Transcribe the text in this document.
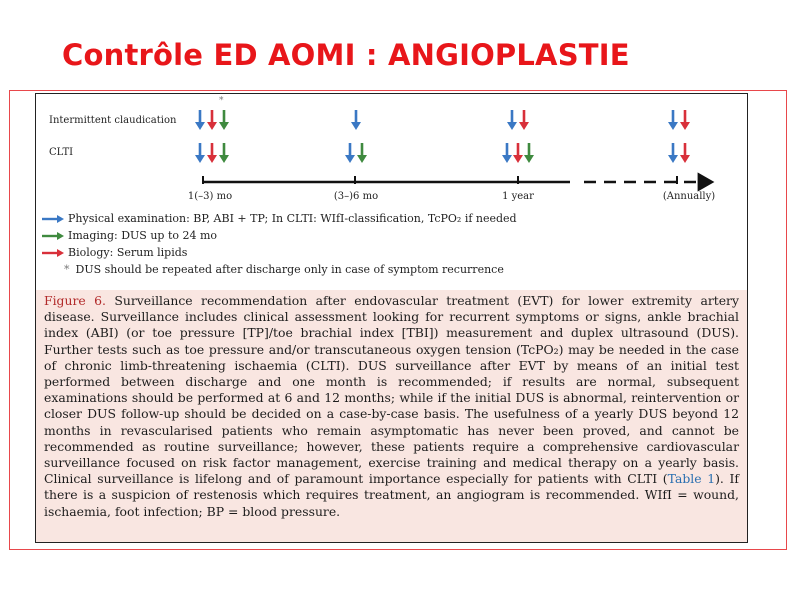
Contrôle ED AOMI : ANGIOPLASTIE
Intermittent claudication
CLTI
1(–3) mo	(3–)6 mo	1 year	(Annually)
*
Physical examination: BP, ABI + TP; In CLTI: WIfI-classification, TcPO₂ if needed
Imaging: DUS up to 24 mo
Biology: Serum lipids
* DUS should be repeated after discharge only in case of symptom recurrence
Figure 6. Surveillance recommendation after endovascular treatment (EVT) for lower extremity artery disease. Surveillance includes clinical assessment looking for recurrent symptoms or signs, ankle brachial index (ABI) (or toe pressure [TP]/toe brachial index [TBI]) measurement and duplex ultrasound (DUS). Further tests such as toe pressure and/or transcutaneous oxygen tension (TcPO₂) may be needed in the case of chronic limb-threatening ischaemia (CLTI). DUS surveillance after EVT by means of an initial test performed between discharge and one month is recommended; if results are normal, subsequent examinations should be performed at 6 and 12 months; while if the initial DUS is abnormal, reintervention or closer DUS follow-up should be decided on a case-by-case basis. The usefulness of a yearly DUS beyond 12 months in revascularised patients who remain asymptomatic has never been proved, and cannot be recommended as routine surveillance; however, these patients require a comprehensive cardiovascular surveillance focused on risk factor management, exercise training and medical therapy on a yearly basis. Clinical surveillance is lifelong and of paramount importance especially for patients with CLTI (Table 1). If there is a suspicion of restenosis which requires treatment, an angiogram is recommended. WIfI = wound, ischaemia, foot infection; BP = blood pressure.
